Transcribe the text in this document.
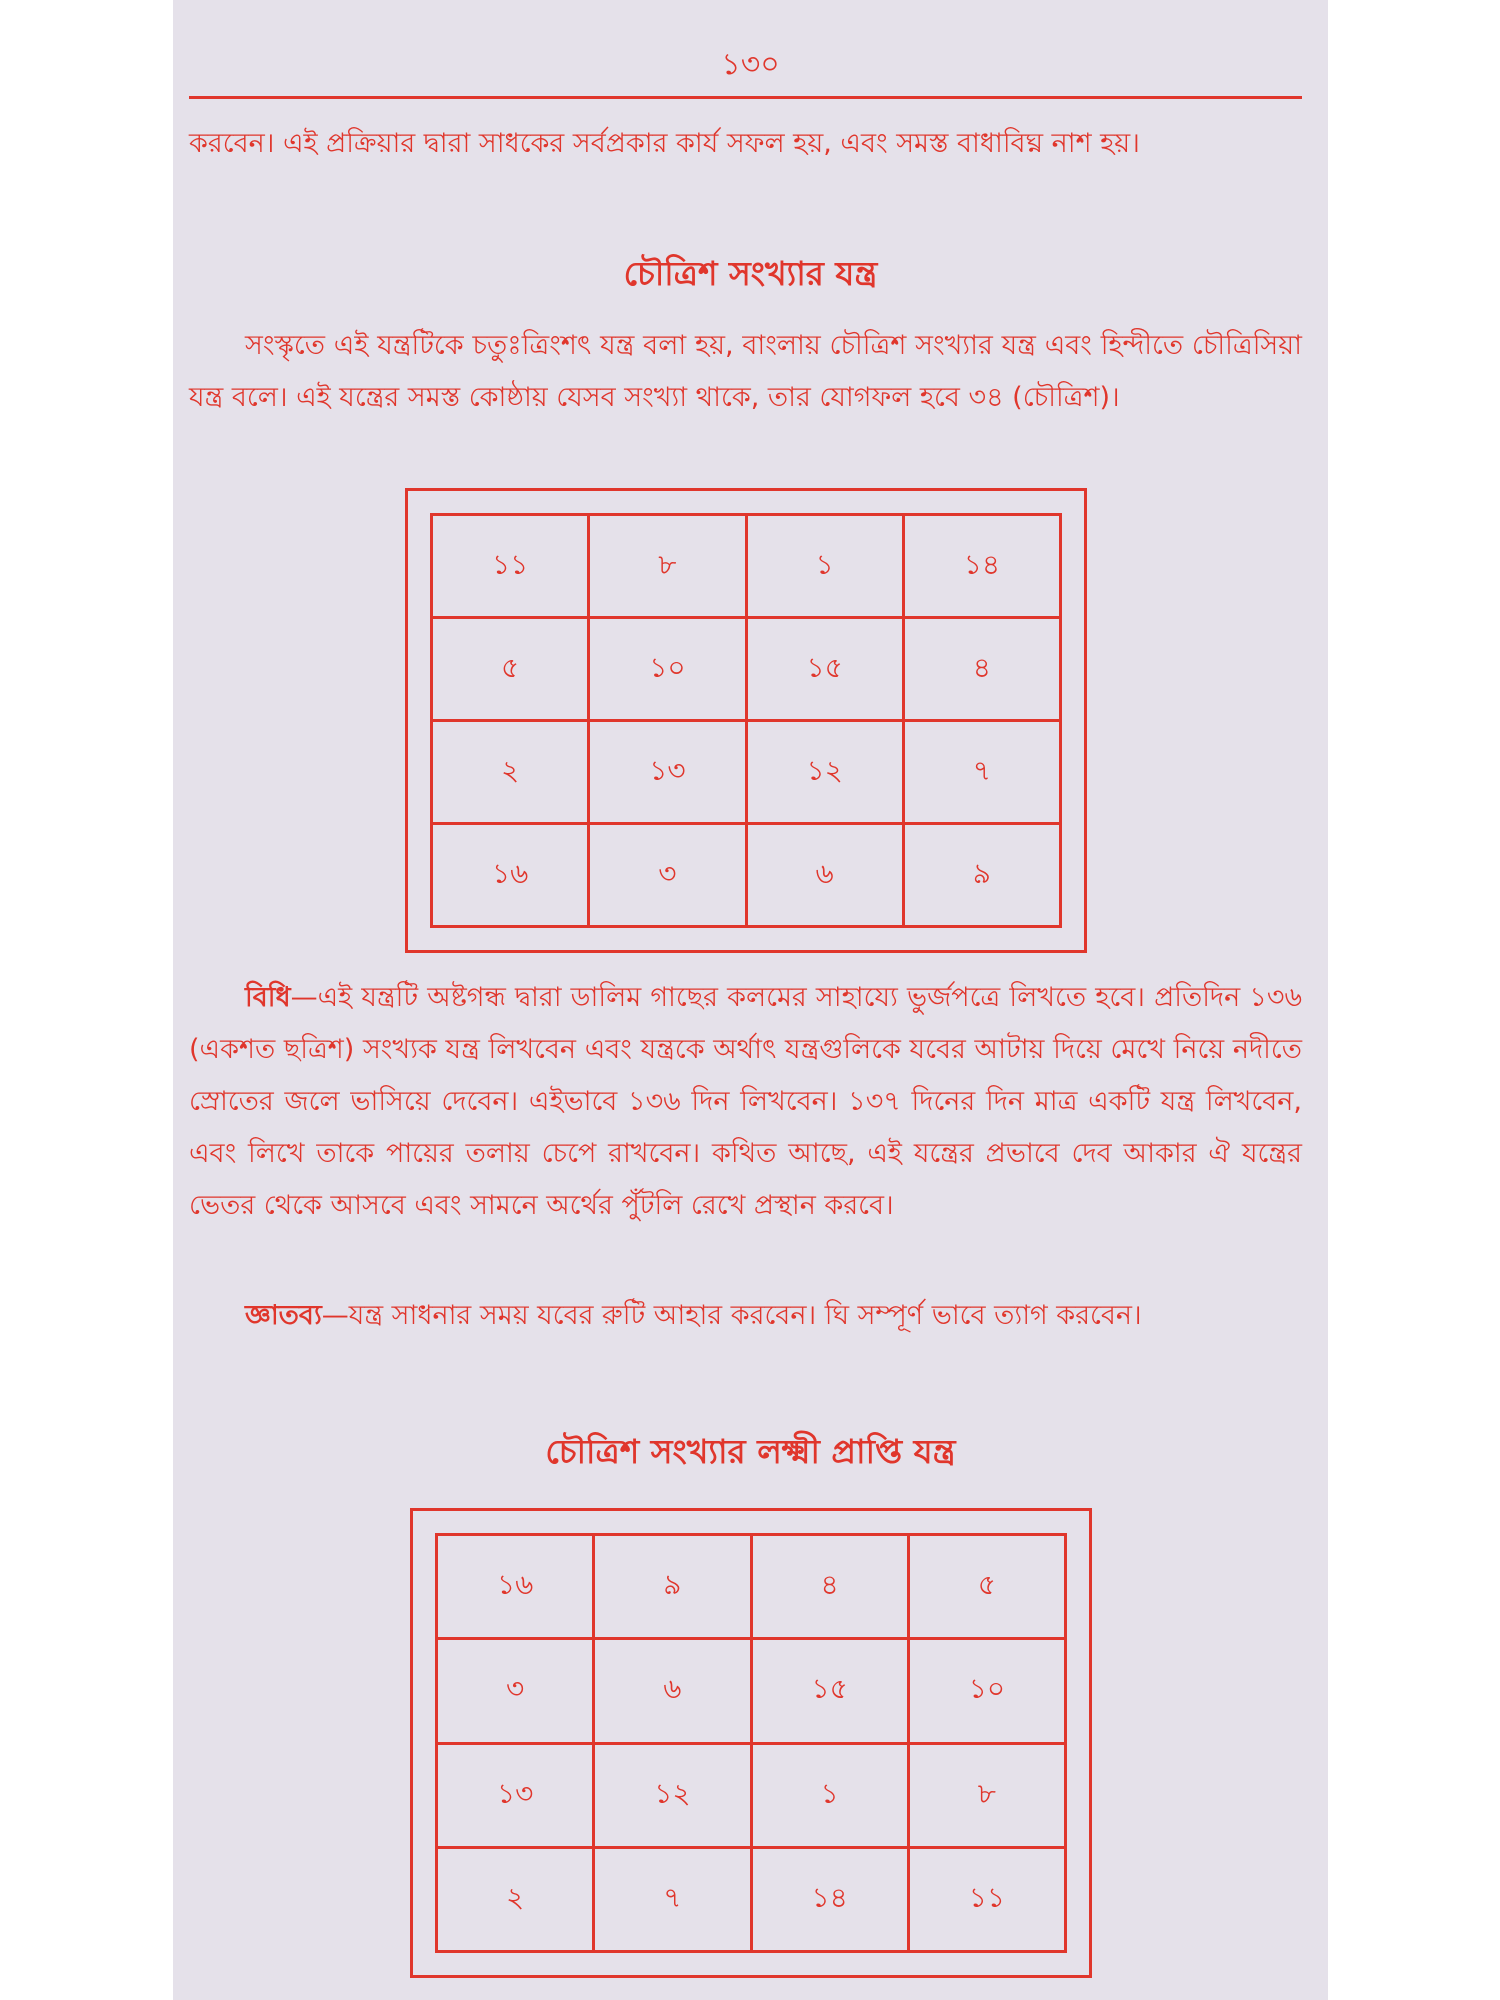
১৩০

করবেন। এই প্রক্রিয়ার দ্বারা সাধকের সর্বপ্রকার কার্য সফল হয়, এবং সমস্ত বাধাবিঘ্ন নাশ হয়।

চৌত্রিশ সংখ্যার যন্ত্র

সংস্কৃতে এই যন্ত্রটিকে চতুঃত্রিংশৎ যন্ত্র বলা হয়, বাংলায় চৌত্রিশ সংখ্যার যন্ত্র এবং হিন্দীতে চৌত্রিসিয়া যন্ত্র বলে। এই যন্ত্রের সমস্ত কোষ্ঠায় যেসব সংখ্যা থাকে, তার যোগফল হবে ৩৪ (চৌত্রিশ)।

১১	৮	১	১৪
৫	১০	১৫	৪
২	১৩	১২	৭
১৬	৩	৬	৯

বিধি—এই যন্ত্রটি অষ্টগন্ধ দ্বারা ডালিম গাছের কলমের সাহায্যে ভুর্জপত্রে লিখতে হবে। প্রতিদিন ১৩৬ (একশত ছত্রিশ) সংখ্যক যন্ত্র লিখবেন এবং যন্ত্রকে অর্থাৎ যন্ত্রগুলিকে যবের আটায় দিয়ে মেখে নিয়ে নদীতে স্রোতের জলে ভাসিয়ে দেবেন। এইভাবে ১৩৬ দিন লিখবেন। ১৩৭ দিনের দিন মাত্র একটি যন্ত্র লিখবেন, এবং লিখে তাকে পায়ের তলায় চেপে রাখবেন। কথিত আছে, এই যন্ত্রের প্রভাবে দেব আকার ঐ যন্ত্রের ভেতর থেকে আসবে এবং সামনে অর্থের পুঁটলি রেখে প্রস্থান করবে।

জ্ঞাতব্য—যন্ত্র সাধনার সময় যবের রুটি আহার করবেন। ঘি সম্পূর্ণ ভাবে ত্যাগ করবেন।

চৌত্রিশ সংখ্যার লক্ষ্মী প্রাপ্তি যন্ত্র
১৬	৯	৪	৫
৩	৬	১৫	১০
১৩	১২	১	৮
২	৭	১৪	১১
